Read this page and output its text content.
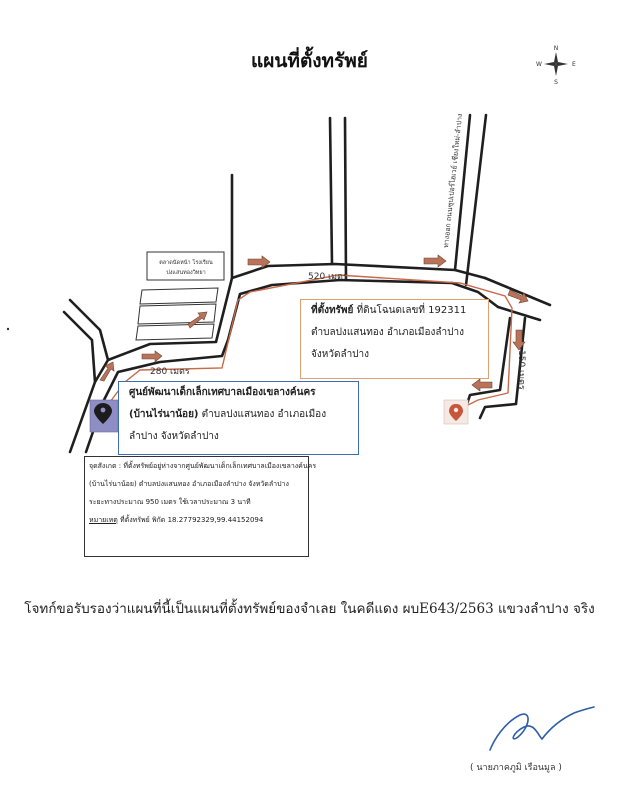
แผนที่ตั้งทรัพย์
N
S
W	E
ตลาดนัดหน้า โรงเรียน
ปงแสนทองวิทยา
ทางออก ถนนซุปเปอร์ไฮเวย์ เชียงใหม่-ลำปาง
520 เมตร
150 เมตร
280 เมตร
ที่ตั้งทรัพย์ ที่ดินโฉนดเลขที่ 192311
ตำบลปงแสนทอง อำเภอเมืองลำปาง
จังหวัดลำปาง
ศูนย์พัฒนาเด็กเล็กเทศบาลเมืองเขลางค์นคร
(บ้านไร่นาน้อย) ตำบลปงแสนทอง อำเภอเมือง
ลำปาง จังหวัดลำปาง
จุดสังเกต : ที่ตั้งทรัพย์อยู่ห่างจากศูนย์พัฒนาเด็กเล็กเทศบาลเมืองเขลางค์นคร
(บ้านไร่นาน้อย) ตำบลปงแสนทอง อำเภอเมืองลำปาง จังหวัดลำปาง
ระยะทางประมาณ 950 เมตร ใช้เวลาประมาณ 3 นาที
หมายเหตุ ที่ตั้งทรัพย์ พิกัด 18.27792329,99.44152094
โจทก์ขอรับรองว่าแผนที่นี้เป็นแผนที่ตั้งทรัพย์ของจำเลย ในคดีแดง ผบE643/2563 แขวงลำปาง จริง
( นายภาคภูมิ เรือนมูล )
